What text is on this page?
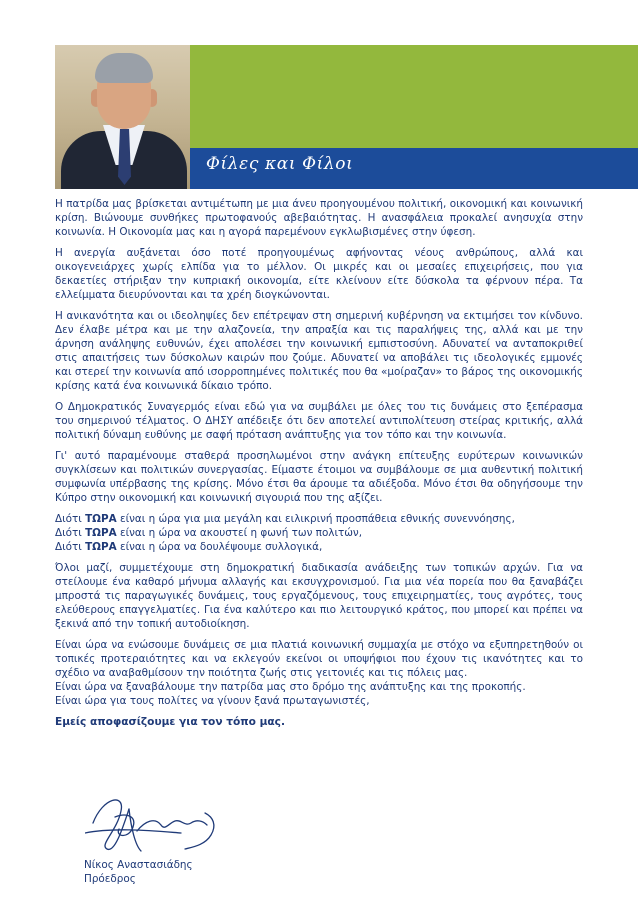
Φίλες και Φίλοι

Η πατρίδα μας βρίσκεται αντιμέτωπη με μια άνευ προηγουμένου πολιτική, οικονομική και κοινωνική κρίση. Βιώνουμε συνθήκες πρωτοφανούς αβεβαιότητας. Η ανασφάλεια προκαλεί ανησυχία στην κοινωνία. Η Οικονομία μας και η αγορά παρεμένουν εγκλωβισμένες στην ύφεση.

Η ανεργία αυξάνεται όσο ποτέ προηγουμένως αφήνοντας νέους ανθρώπους, αλλά και οικογενειάρχες χωρίς ελπίδα για το μέλλον. Οι μικρές και οι μεσαίες επιχειρήσεις, που για δεκαετίες στήριξαν την κυπριακή οικονομία, είτε κλείνουν είτε δύσκολα τα φέρνουν πέρα. Τα ελλείμματα διευρύνονται και τα χρέη διογκώνονται.

Η ανικανότητα και οι ιδεοληψίες δεν επέτρεψαν στη σημερινή κυβέρνηση να εκτιμήσει τον κίνδυνο. Δεν έλαβε μέτρα και με την αλαζονεία, την απραξία και τις παραλήψεις της, αλλά και με την άρνηση ανάληψης ευθυνών, έχει απολέσει την κοινωνική εμπιστοσύνη. Αδυνατεί να ανταποκριθεί στις απαιτήσεις των δύσκολων καιρών που ζούμε. Αδυνατεί να αποβάλει τις ιδεολογικές εμμονές και στερεί την κοινωνία από ισορροπημένες πολιτικές που θα «μοίραζαν» το βάρος της οικονομικής κρίσης κατά ένα κοινωνικά δίκαιο τρόπο.

Ο Δημοκρατικός Συναγερμός είναι εδώ για να συμβάλει με όλες του τις δυνάμεις στο ξεπέρασμα του σημερινού τέλματος. Ο ΔΗΣΥ απέδειξε ότι δεν αποτελεί αντιπολίτευση στείρας κριτικής, αλλά πολιτική δύναμη ευθύνης με σαφή πρόταση ανάπτυξης για τον τόπο και την κοινωνία.

Γι' αυτό παραμένουμε σταθερά προσηλωμένοι στην ανάγκη επίτευξης ευρύτερων κοινωνικών συγκλίσεων και πολιτικών συνεργασίας. Είμαστε έτοιμοι να συμβάλουμε σε μια αυθεντική πολιτική συμφωνία υπέρβασης της κρίσης. Μόνο έτσι θα άρουμε τα αδιέξοδα. Μόνο έτσι θα οδηγήσουμε την Κύπρο στην οικονομική και κοινωνική σιγουριά που της αξίζει.

Διότι ΤΩΡΑ είναι η ώρα για μια μεγάλη και ειλικρινή προσπάθεια εθνικής συνεννόησης,
Διότι ΤΩΡΑ είναι η ώρα να ακουστεί η φωνή των πολιτών,
Διότι ΤΩΡΑ είναι η ώρα να δουλέψουμε συλλογικά,

Όλοι μαζί, συμμετέχουμε στη δημοκρατική διαδικασία ανάδειξης των τοπικών αρχών. Για να στείλουμε ένα καθαρό μήνυμα αλλαγής και εκσυγχρονισμού. Για μια νέα πορεία που θα ξαναβάζει μπροστά τις παραγωγικές δυνάμεις, τους εργαζόμενους, τους επιχειρηματίες, τους αγρότες, τους ελεύθερους επαγγελματίες. Για ένα καλύτερο και πιο λειτουργικό κράτος, που μπορεί και πρέπει να ξεκινά από την τοπική αυτοδιοίκηση.

Είναι ώρα να ενώσουμε δυνάμεις σε μια πλατιά κοινωνική συμμαχία με στόχο να εξυπηρετηθούν οι τοπικές προτεραιότητες και να εκλεγούν εκείνοι οι υποψήφιοι που έχουν τις ικανότητες και το σχέδιο να αναβαθμίσουν την ποιότητα ζωής στις γειτονιές και τις πόλεις μας.

Είναι ώρα να ξαναβάλουμε την πατρίδα μας στο δρόμο της ανάπτυξης και της προκοπής.

Είναι ώρα για τους πολίτες να γίνουν ξανά πρωταγωνιστές,

Εμείς αποφασίζουμε για τον τόπο μας.

Νίκος Αναστασιάδης
Πρόεδρος
